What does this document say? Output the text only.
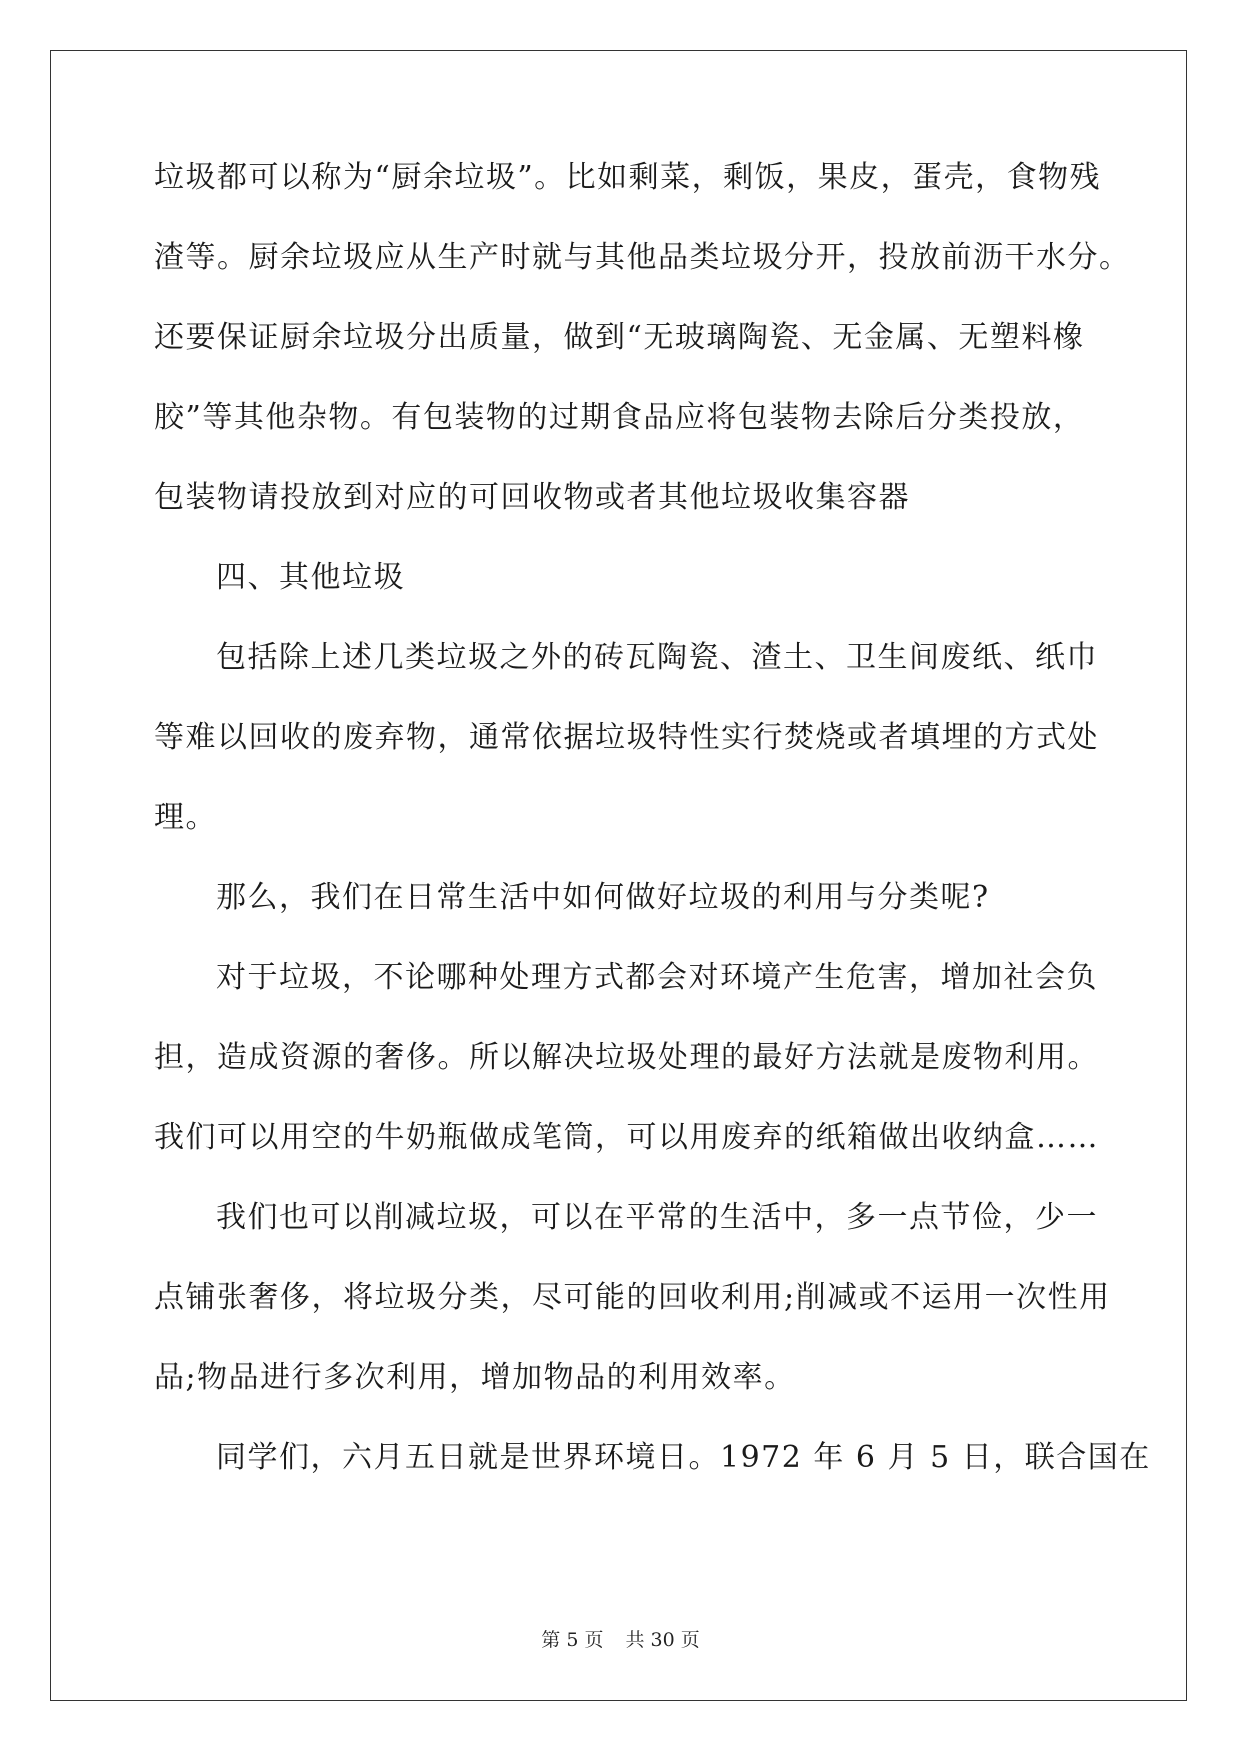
垃圾都可以称为“厨余垃圾”。比如剩菜，剩饭，果皮，蛋壳，食物残
渣等。厨余垃圾应从生产时就与其他品类垃圾分开，投放前沥干水分。
还要保证厨余垃圾分出质量，做到“无玻璃陶瓷、无金属、无塑料橡
胶”等其他杂物。有包装物的过期食品应将包装物去除后分类投放，
包装物请投放到对应的可回收物或者其他垃圾收集容器
四、其他垃圾
包括除上述几类垃圾之外的砖瓦陶瓷、渣土、卫生间废纸、纸巾
等难以回收的废弃物，通常依据垃圾特性实行焚烧或者填埋的方式处
理。
那么，我们在日常生活中如何做好垃圾的利用与分类呢?
对于垃圾，不论哪种处理方式都会对环境产生危害，增加社会负
担，造成资源的奢侈。所以解决垃圾处理的最好方法就是废物利用。
我们可以用空的牛奶瓶做成笔筒，可以用废弃的纸箱做出收纳盒……
我们也可以削减垃圾，可以在平常的生活中，多一点节俭，少一
点铺张奢侈，将垃圾分类，尽可能的回收利用;削减或不运用一次性用
品;物品进行多次利用，增加物品的利用效率。
同学们，六月五日就是世界环境日。1972 年 6 月 5 日，联合国在
第 5 页 共 30 页
